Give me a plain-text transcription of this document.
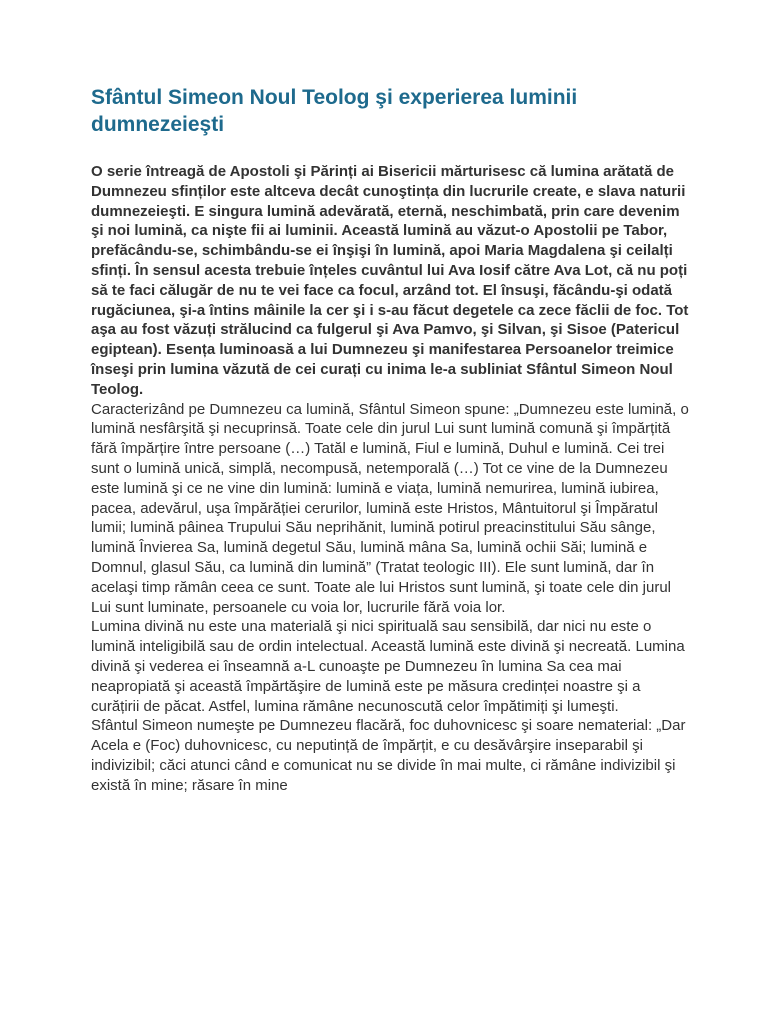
Sfântul Simeon Noul Teolog şi experierea luminii dumnezeieşti

O serie întreagă de Apostoli şi Părinți ai Bisericii mărturisesc că lumina arătată de Dumnezeu sfinților este altceva decât cunoştința din lucrurile create, e slava naturii dumnezeieşti. E singura lumină adevărată, eternă, neschimbată, prin care devenim şi noi lumină, ca nişte fii ai luminii. Această lumină au văzut-o Apostolii pe Tabor, prefăcându-se, schimbându-se ei înşişi în lumină, apoi Maria Magdalena şi ceilalți sfinți. În sensul acesta trebuie înțeles cuvântul lui Ava Iosif către Ava Lot, că nu poți să te faci călugăr de nu te vei face ca focul, arzând tot. El însuşi, făcându-şi odată rugăciunea, şi-a întins mâinile la cer şi i s-au făcut degetele ca zece făclii de foc. Tot aşa au fost văzuți strălucind ca fulgerul şi Ava Pamvo, şi Silvan, şi Sisoe (Patericul egiptean). Esența luminoasă a lui Dumnezeu şi manifestarea Persoanelor treimice înseşi prin lumina văzută de cei curați cu inima le-a subliniat Sfântul Simeon Noul Teolog.

Caracterizând pe Dumnezeu ca lumină, Sfântul Simeon spune: „Dumnezeu este lumină, o lumină nesfârşită şi necuprinsă. Toate cele din jurul Lui sunt lumină comună şi împărțită fără împărțire între persoane (…) Tatăl e lumină, Fiul e lumină, Duhul e lumină. Cei trei sunt o lumină unică, simplă, necompusă, netemporală (…) Tot ce vine de la Dumnezeu este lumină şi ce ne vine din lumină: lumină e viața, lumină nemurirea, lumină iubirea, pacea, adevărul, uşa împărăției cerurilor, lumină este Hristos, Mântuitorul şi Împăratul lumii; lumină pâinea Trupului Său neprihănit, lumină potirul preacinstitului Său sânge, lumină Învierea Sa, lumină degetul Său, lumină mâna Sa, lumină ochii Săi; lumină e Domnul, glasul Său, ca lumină din lumină” (Tratat teologic III). Ele sunt lumină, dar în acelaşi timp rămân ceea ce sunt. Toate ale lui Hristos sunt lumină, şi toate cele din jurul Lui sunt luminate, persoanele cu voia lor, lucrurile fără voia lor.

Lumina divină nu este una materială şi nici spirituală sau sensibilă, dar nici nu este o lumină inteligibilă sau de ordin intelectual. Această lumină este divină şi necreată. Lumina divină şi vederea ei înseamnă a-L cunoaşte pe Dumnezeu în lumina Sa cea mai neapropiată şi această împărtăşire de lumină este pe măsura credinței noastre şi a curățirii de păcat. Astfel, lumina rămâne necunoscută celor împătimiți şi lumeşti.

Sfântul Simeon numeşte pe Dumnezeu flacără, foc duhovnicesc şi soare nematerial: „Dar Acela e (Foc) duhovnicesc, cu neputință de împărțit, e cu desăvârşire inseparabil şi indivizibil; căci atunci când e comunicat nu se divide în mai multe, ci rămâne indivizibil şi există în mine; răsare în mine
